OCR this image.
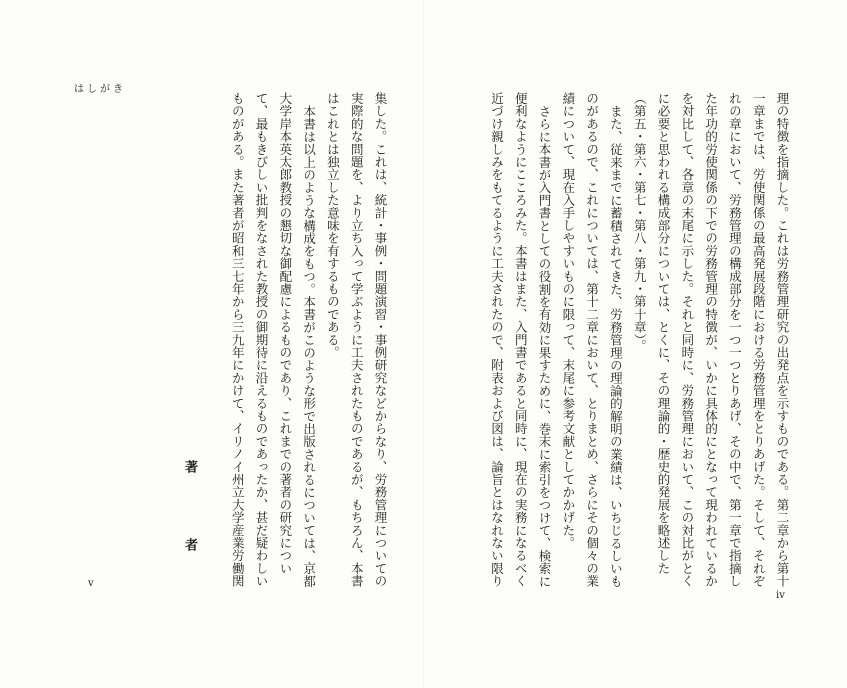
はしがき

理の特徴を指摘した。これは労務管理研究の出発点を示すものである。第二章から第十一章までは、労使関係の最高発展段階における労務管理をとりあげた。そして、それぞれの章において、労務管理の構成部分を一つ一つとりあげ、その中で、第一章で指摘した年功的労使関係の下での労務管理の特徴が、いかに具体的にとなって現われているかを対比して、各章の末尾に示した。それと同時に、労務管理において、この対比がとくに必要と思われる構成部分については、とくに、その理論的・歴史的発展を略述した（第五・第六・第七・第八・第九・第十章）。

また、従来までに蓄積されてきた、労務管理の理論的解明の業績は、いちじるしいものがあるので、これについては、第十二章において、とりまとめ、さらにその個々の業績について、現在入手しやすいものに限って、末尾に参考文献としてかかげた。

さらに本書が入門書としての役割を有効に果すために、巻末に索引をつけて、検索に便利なようにこころみた。本書はまた、入門書であると同時に、現在の実務になるべく近づけ親しみをもてるように工夫されたので、附表および図は、論旨とはなれない限り

集した。これは、統計・事例・問題演習・事例研究などからなり、労務管理についての実際的な問題を、より立ち入って学ぶように工夫されたものであるが、もちろん、本書はこれとは独立した意味を有するものである。

本書は以上のような構成をもつ。本書がこのような形で出版されるについては、京都大学岸本英太郎教授の懇切な御配慮によるものであり、これまでの著者の研究について、最もきびしい批判をなされた教授の御期待に沿えるものであったか、甚だ疑わしいものがある。また著者が昭和三七年から三九年にかけて、イリノイ州立大学産業労働関

著　者
v
iv
